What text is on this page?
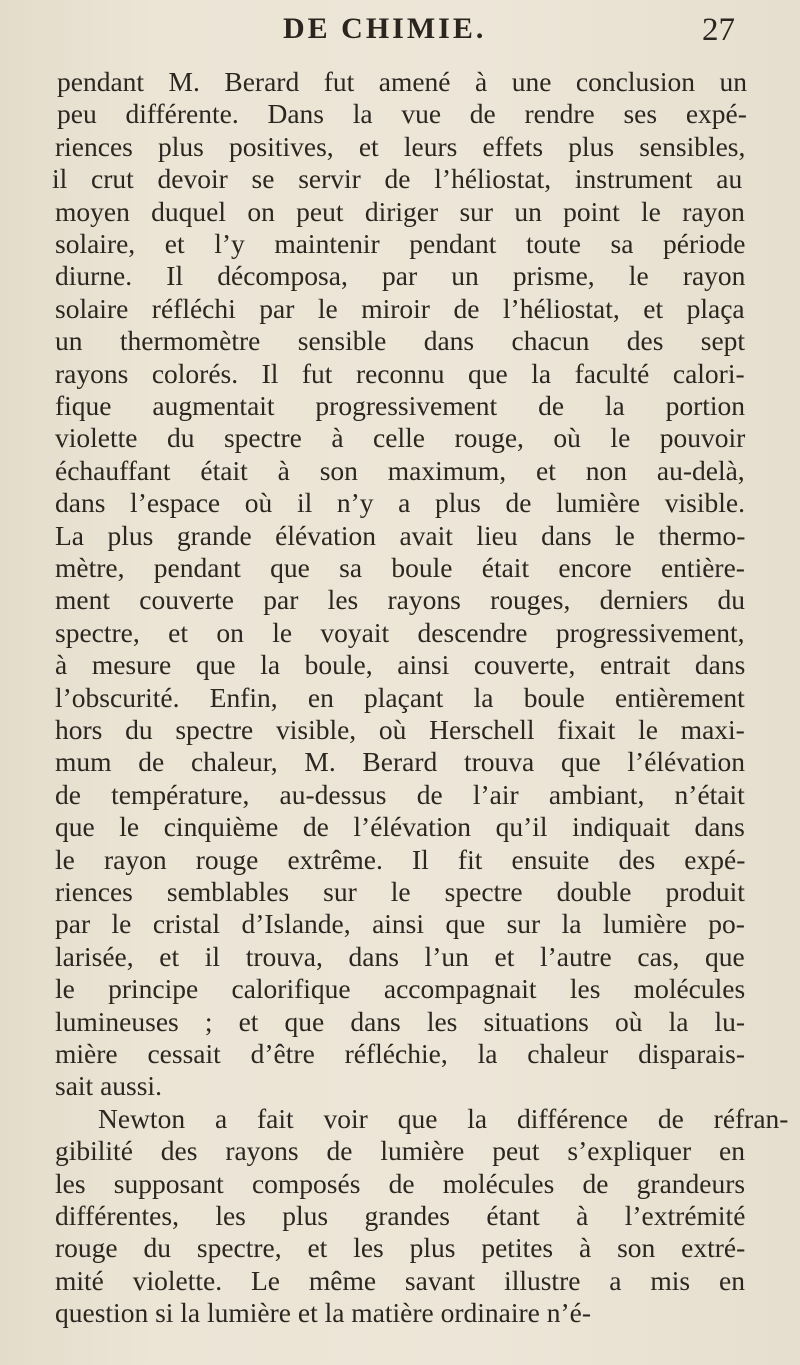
DE CHIMIE.	27
pendant M. Berard fut amené à une conclusion un
peu différente. Dans la vue de rendre ses expé-
riences plus positives, et leurs effets plus sensibles,
il crut devoir se servir de l’héliostat, instrument au
moyen duquel on peut diriger sur un point le rayon
solaire, et l’y maintenir pendant toute sa période
diurne. Il décomposa, par un prisme, le rayon
solaire réfléchi par le miroir de l’héliostat, et plaça
un thermomètre sensible dans chacun des sept
rayons colorés. Il fut reconnu que la faculté calori-
fique augmentait progressivement de la portion
violette du spectre à celle rouge, où le pouvoir
échauffant était à son maximum, et non au-delà,
dans l’espace où il n’y a plus de lumière visible.
La plus grande élévation avait lieu dans le thermo-
mètre, pendant que sa boule était encore entière-
ment couverte par les rayons rouges, derniers du
spectre, et on le voyait descendre progressivement,
à mesure que la boule, ainsi couverte, entrait dans
l’obscurité. Enfin, en plaçant la boule entièrement
hors du spectre visible, où Herschell fixait le maxi-
mum de chaleur, M. Berard trouva que l’élévation
de température, au-dessus de l’air ambiant, n’était
que le cinquième de l’élévation qu’il indiquait dans
le rayon rouge extrême. Il fit ensuite des expé-
riences semblables sur le spectre double produit
par le cristal d’Islande, ainsi que sur la lumière po-
larisée, et il trouva, dans l’un et l’autre cas, que
le principe calorifique accompagnait les molécules
lumineuses ; et que dans les situations où la lu-
mière cessait d’être réfléchie, la chaleur disparais-
sait aussi.
Newton a fait voir que la différence de réfran-
gibilité des rayons de lumière peut s’expliquer en
les supposant composés de molécules de grandeurs
différentes, les plus grandes étant à l’extrémité
rouge du spectre, et les plus petites à son extré-
mité violette. Le même savant illustre a mis en
question si la lumière et la matière ordinaire n’é-
